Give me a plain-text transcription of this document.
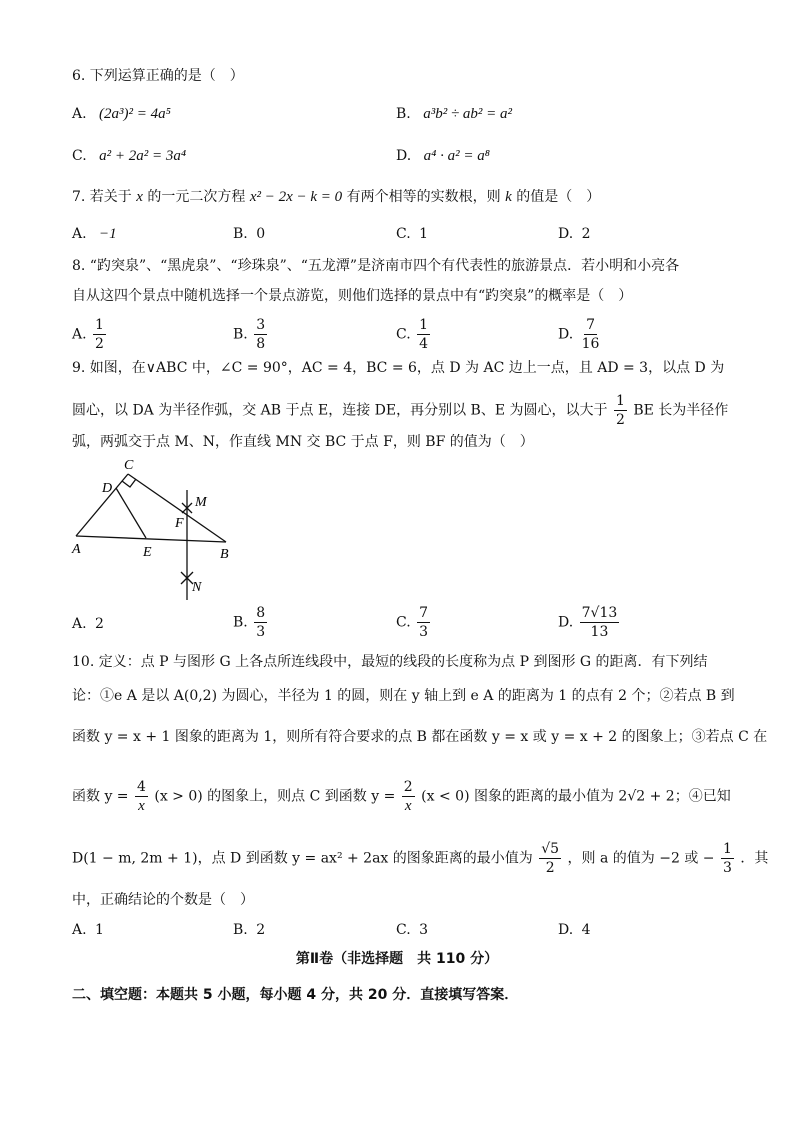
6. 下列运算正确的是（　）
A. (2a³)² = 4a⁵	B. a³b² ÷ ab² = a²
C. a² + 2a² = 3a⁴	D. a⁴ · a² = a⁸
7. 若关于 x 的一元二次方程 x² − 2x − k = 0 有两个相等的实数根，则 k 的值是（　）
A. −1	B. 0	C. 1	D. 2
8. “趵突泉”、“黑虎泉”、“珍珠泉”、“五龙潭”是济南市四个有代表性的旅游景点．若小明和小亮各
自从这四个景点中随机选择一个景点游览，则他们选择的景点中有“趵突泉”的概率是（　）
A. $\frac{1}{2}$	B. $\frac{3}{8}$	C. $\frac{1}{4}$	D. $\frac{7}{16}$
9. 如图，在∨ABC 中，∠C = 90°，AC = 4，BC = 6，点 D 为 AC 边上一点，且 AD = 3，以点 D 为
圆心，以 DA 为半径作弧，交 AB 于点 E，连接 DE，再分别以 B、E 为圆心，以大于 $\frac{1}{2}$ BE 长为半径作
弧，两弧交于点 M、N，作直线 MN 交 BC 于点 F，则 BF 的值为（　）
C
D
M
F
A	E	B
N
A. 2	B. $\frac{8}{3}$	C. $\frac{7}{3}$	D. $\frac{7√13}{13}$
10. 定义：点 P 与图形 G 上各点所连线段中，最短的线段的长度称为点 P 到图形 G 的距离．有下列结
论：①e A 是以 A(0,2) 为圆心，半径为 1 的圆，则在 y 轴上到 e A 的距离为 1 的点有 2 个；②若点 B 到
函数 y = x + 1 图象的距离为 1，则所有符合要求的点 B 都在函数 y = x 或 y = x + 2 的图象上；③若点 C 在
函数 $y = \frac{4}{x} (x > 0)$ 的图象上，则点 C 到函数 $y = \frac{2}{x} (x < 0)$ 图象的距离的最小值为 2√2 + 2；④已知
D(1 − m, 2m + 1)，点 D 到函数 y = ax² + 2ax 的图象距离的最小值为 $\frac{√5}{2}$ ，则 a 的值为 −2 或 − $\frac{1}{3}$ ．其
中，正确结论的个数是（　）
A. 1	B. 2	C. 3	D. 4
第Ⅱ卷（非选择题　共 110 分）
二、填空题：本题共 5 小题，每小题 4 分，共 20 分．直接填写答案．
